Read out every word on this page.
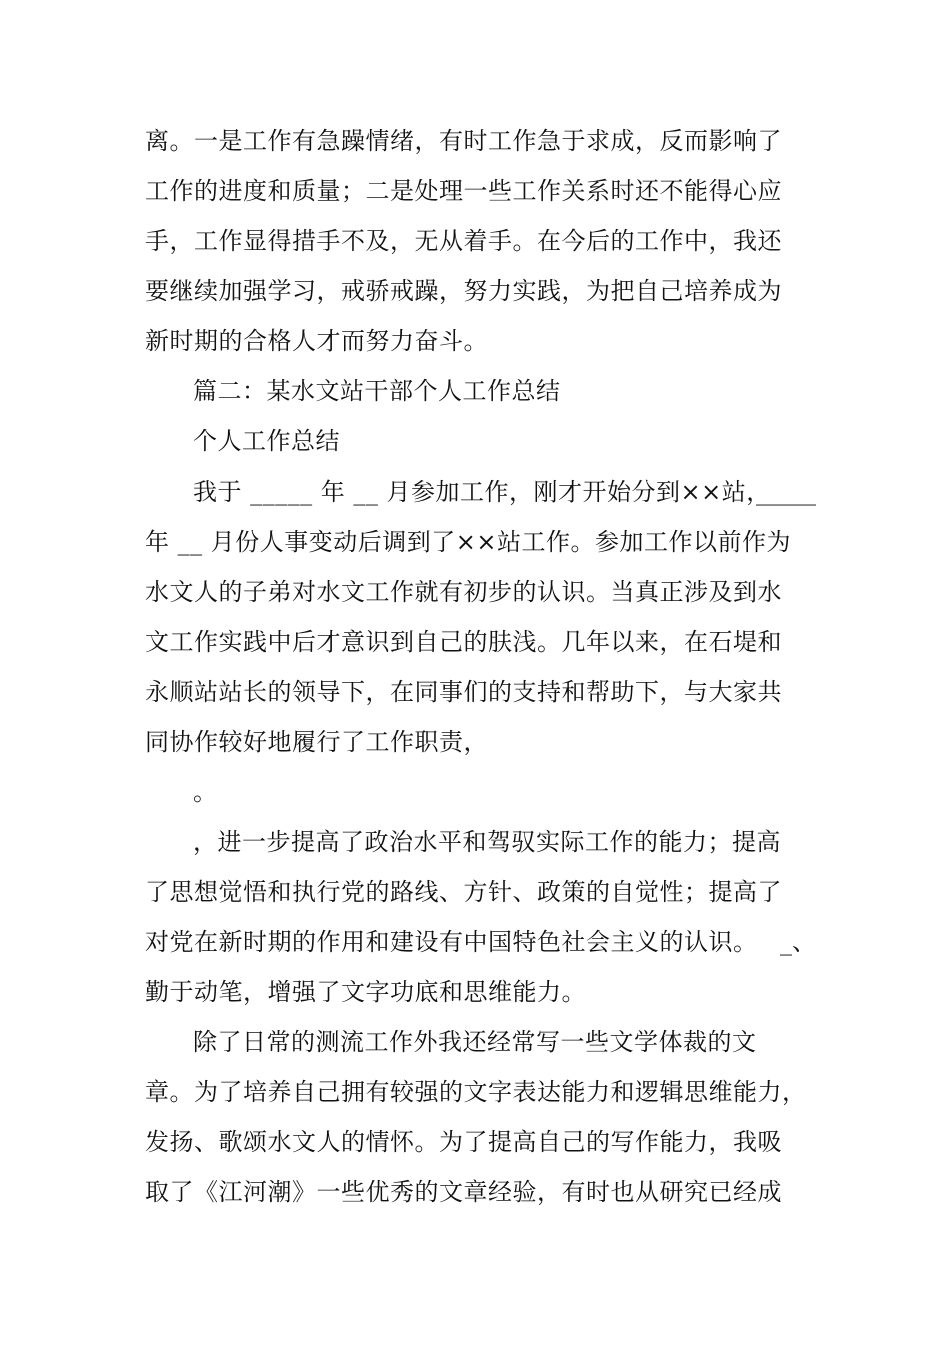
离。一是工作有急躁情绪，有时工作急于求成，反而影响了
工作的进度和质量；二是处理一些工作关系时还不能得心应
手，工作显得措手不及，无从着手。在今后的工作中，我还
要继续加强学习，戒骄戒躁，努力实践，为把自己培养成为
新时期的合格人才而努力奋斗。
篇二：某水文站干部个人工作总结
个人工作总结
我于 _____ 年 __ 月参加工作，刚才开始分到××站，
_____
年 __ 月份人事变动后调到了××站工作。参加工作以前作为
水文人的子弟对水文工作就有初步的认识。当真正涉及到水
文工作实践中后才意识到自己的肤浅。几年以来，在石堤和
永顺站站长的领导下，在同事们的支持和帮助下，与大家共
同协作较好地履行了工作职责，
。
，进一步提高了政治水平和驾驭实际工作的能力；提高
了思想觉悟和执行党的路线、方针、政策的自觉性；提高了
对党在新时期的作用和建设有中国特色社会主义的认识。 _、
勤于动笔，增强了文字功底和思维能力。
除了日常的测流工作外我还经常写一些文学体裁的文
章。为了培养自己拥有较强的文字表达能力和逻辑思维能力，
发扬、歌颂水文人的情怀。为了提高自己的写作能力，我吸
取了《江河潮》一些优秀的文章经验，有时也从研究已经成
